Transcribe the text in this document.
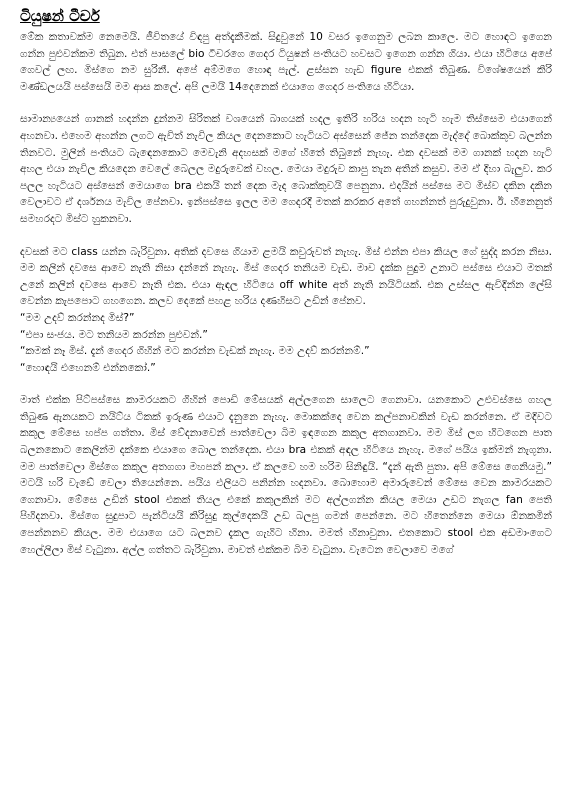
ටියුෂන් ටීචර්

මේක කතාවක්ම නෙමෙයි. ජීවිතයේ විඳපු අත්දැකීමක්. සිදුවුනේ 10 වසර ඉගෙනුම ලබන කාලෙ. මට හොඳට ඉගෙන ගන්න පුළුවන්කම තිබුන. එත් පාසලේ bio ටීචරගෙ ගෙදර ටියුෂන් පංතියට හවසට ඉගෙන ගන්න ගියා. එයා හිටියෙ අපේ ගෙවල් ලඟ. මිස්ගෙ නම සුරිනී. අපේ අම්මගෙ හොඳ පැල්. ළස්සන හැඩ figure එකක් තිබුණ. විශේෂයෙන් කිරි මණ්ඩලයයි පස්සෙයි මම ආස කලේ. අපි ලමයි 14දෙනෙක් එයාගෙ ගෙදර පංතියෙ හිටියා.

සාමාන්‍යයෙන් ගානක් හදන්න දුන්නම සිරිතක් වශයෙන් බාගයක් හදල ඉතිරි හරිය හදන හැටි හැම තිස්සෙම එයාගෙන් අහනවා. එහෙම අහන්න ලගට ඇවිත් නැවිල කියල දෙනකොට හැටියට අස්සෙන් ජේන තන්දෙක මැද්දේ බොක්කුව බලන්න තිනවට. මුලින් පංතියට බැඳෙනකොට මෙවැනි අදහසක් මගේ හිතේ තිබුනේ නැහැ. එක දවසක් මම ගානක් හදන හැටි අහල එයා නැවිල කියදෙන වෙලේ බෙලල මදුරුවෙක් වහල. මෙයා මදුරුව කාපු තැන අතින් කසුව. මම ඒ දිහා බැලුව. කර පලල හැටියට අස්සෙන් මෙයාගෙ bra එකයි තන් දෙක මැද බොක්කුවයි පෙනුනා. එදයින් පස්සෙ මට මිස්ව දකින දකින වෙලාවට ඒ දර්ශනය මැවිල පේනවා. ඉන්පස්සෙ ඉලල මම ගෙදරදී මතක් කරකර අතේ ගහන්නත් පුරුදුවුනා. ඊ. හීනෙනුත් සමහරදට මිස්ට හුකනවා.

දවසක් මට class යන්න බැරිවුනා. අතික් දවසෙ ගියාම ළමයි කවුරුවත් නැහැ. මිස් එන්න එපා කියල ගේ සුද්ද කරන නිසා. මම කලින් දවසෙ ආවෙ නැති නිසා දන්නේ නැහැ. මිස් ගෙදර තනියම වැඩ. මාව දැක්ක පුදුම උනාට පස්සෙ එයාට මතක් උනේ කලින් දවසෙ ආවෙ නැති එක. එයා ඇඳල හිටියෙ off white අත් නැති නයිටියක්. එක උස්සල ඇවිදින්න ලේසි වෙන්න කැපපොට ගහගෙන. කලව දෙකේ පහළ හරිය දණහිසට උඩින් පේනව.

“මම උදව් කරන්නද මිස්?”

“එපා සංජය. මට තනියම කරන්න පුළුවන්.”

“කමක් නෑ මිස්. දැන් ගෙදර ගිහින් මට කරන්න වැඩක් නැහැ. මම උදව් කරන්නම්.”

“හොඳයි එහෙනම් එන්නකෝ.”

මාත් එක්ක පිට්පස්සෙ කාමරයකට ගිහින් පොඩි මේසයක් අල්ලගෙන සාලෙට ගෙනාවා. යනකොට උළුවස්සෙ ගහල තිබුණ ඇනයකට නයිට්ය ටිකක් ඉරුණ එයාට දැනුනෙ නැහැ. මොකක්දෙ වෙන කල්පනාවකින් වැඩ කරන්නෙ. ඒ මදිවට කකුල මේසෙ හප්ප ගත්තා. මිස් වේදනාවෙන් පාත්වෙලා බිම ඉඳගෙන කකුල අතගානවා. මම මිස් ලග හිටගෙන පාත බලනකොට කෙලින්ම දක්කෙ එයාගෙ බොල තන්දෙක. එයා bra එකක් අඳල හිටියෙ නැහැ. මගේ පයිය ඉක්මන් නැගුනා. මම පාත්වෙලා මිස්ගෙ කකුල අතගගා මහපන් කලා. ඒ කලවෙ හම හරිම සිනිඳුයි. “දැන් ඇති පුතා. අපි මේසෙ ගෙනියමු.” මටයි හරි වැඩේ වෙලා තියෙන්නෙ. පයිය එලියට පනින්න හදනවා. බොහොම අමාරුවෙන් මේසෙ වෙන කාමරයකට ගෙනාවා. මේසෙ උඩින් stool එකක් තියල එකේ කකුලකින් මට අල්ලගන්න කියල මෙයා උඩට නැගල fan පෙති පිහිදනවා. මිස්ගෙ සුදුපාට පැන්ටියයි කිරිසුදු කුල්දෙකයි උඩ බලපු ගමන් පෙන්නෙ. මට හිතෙන්නෙ මෙයා ඕනකමින් පෙන්නනව කියල. මම එයාගෙ යට බලනව දැකල ගැහිට හිනා. මමත් හිනාවුනා. එතකොට stool එක අඩමාංගෙට හෙල්ලිලා මිස් වැටුනා. අල්ල ගත්තට බැරිවුනා. මාවත් එක්කම බිම වැටුනා. වැටෙන වෙලාවෙ මගේ
